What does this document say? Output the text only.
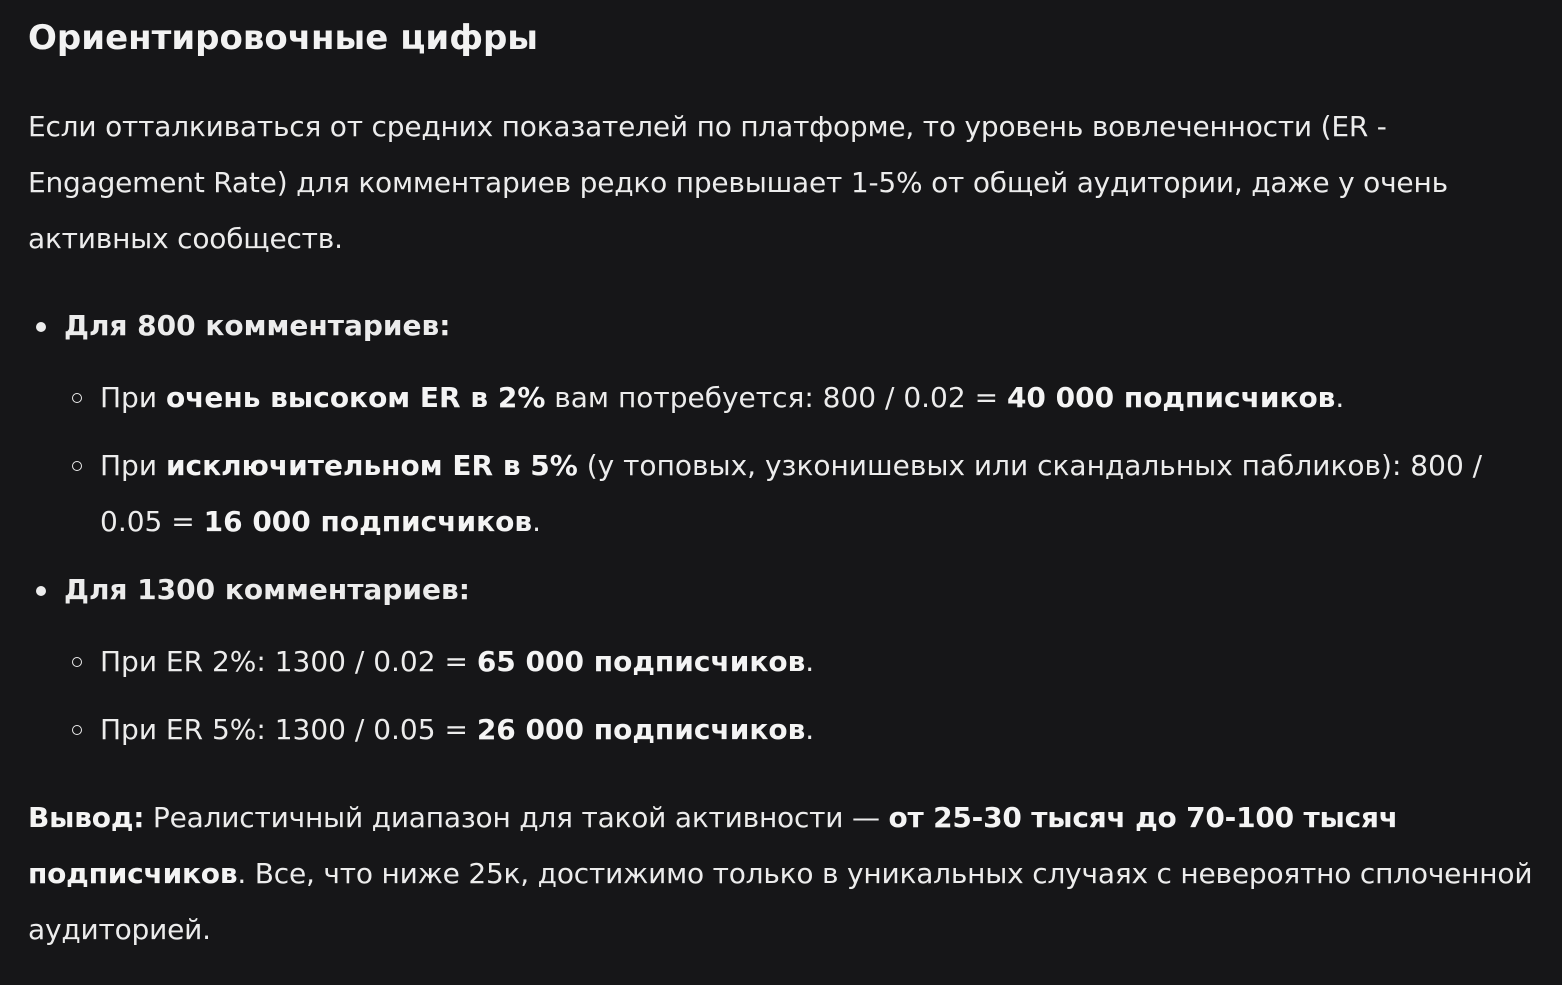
Ориентировочные цифры

Если отталкиваться от средних показателей по платформе, то уровень вовлеченности (ER - Engagement Rate) для комментариев редко превышает 1-5% от общей аудитории, даже у очень активных сообществ.

Для 800 комментариев:
При очень высоком ER в 2% вам потребуется: 800 / 0.02 = 40 000 подписчиков.
При исключительном ER в 5% (у топовых, узконишевых или скандальных пабликов): 800 / 0.05 = 16 000 подписчиков.
Для 1300 комментариев:
При ER 2%: 1300 / 0.02 = 65 000 подписчиков.
При ER 5%: 1300 / 0.05 = 26 000 подписчиков.

Вывод: Реалистичный диапазон для такой активности — от 25-30 тысяч до 70-100 тысяч подписчиков. Все, что ниже 25к, достижимо только в уникальных случаях с невероятно сплоченной аудиторией.
